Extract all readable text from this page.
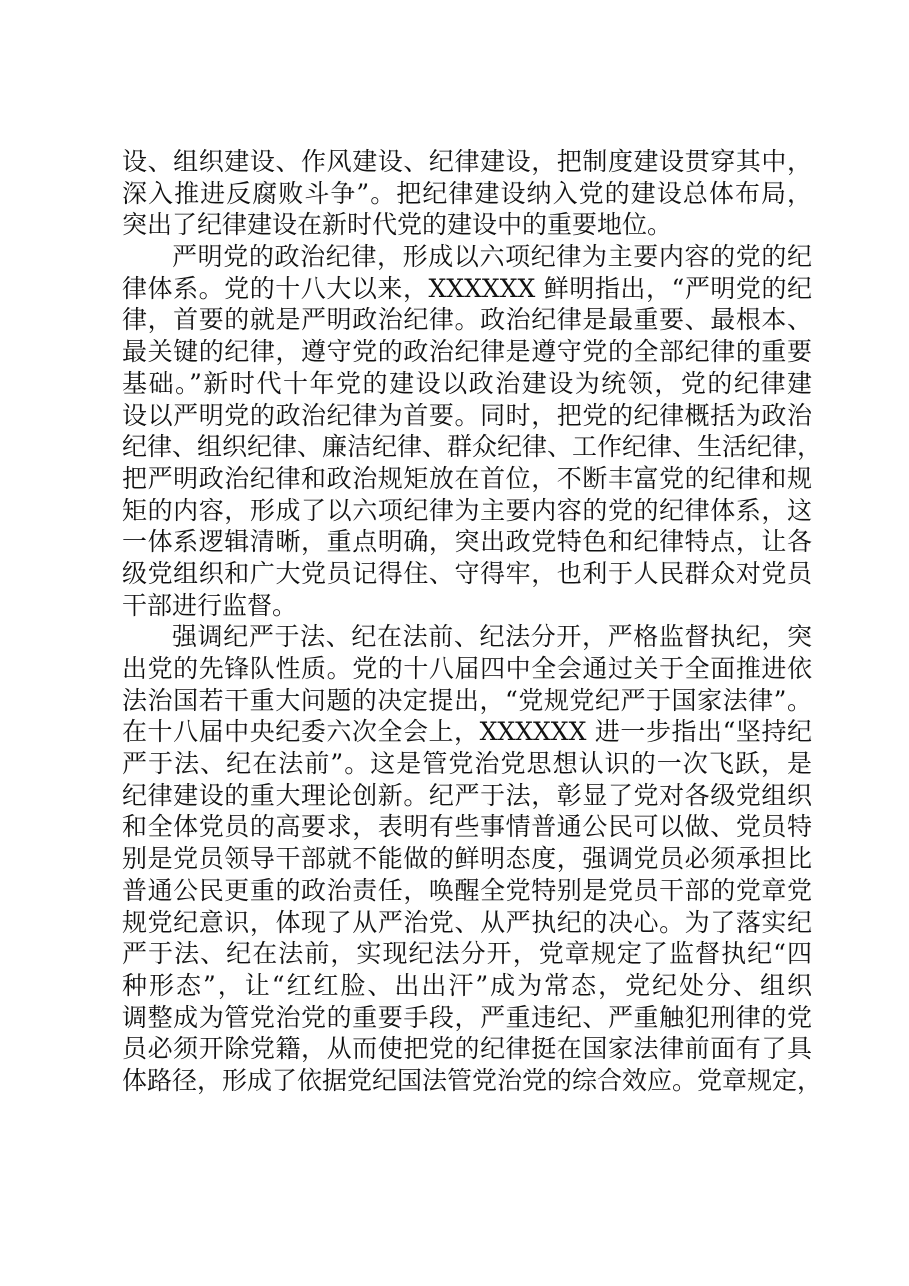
设、组织建设、作风建设、纪律建设，把制度建设贯穿其中，
深入推进反腐败斗争”。把纪律建设纳入党的建设总体布局，
突出了纪律建设在新时代党的建设中的重要地位。
严明党的政治纪律，形成以六项纪律为主要内容的党的纪
律体系。党的十八大以来，XXXXXX 鲜明指出，“严明党的纪
律，首要的就是严明政治纪律。政治纪律是最重要、最根本、
最关键的纪律，遵守党的政治纪律是遵守党的全部纪律的重要
基础。”新时代十年党的建设以政治建设为统领，党的纪律建
设以严明党的政治纪律为首要。同时，把党的纪律概括为政治
纪律、组织纪律、廉洁纪律、群众纪律、工作纪律、生活纪律，
把严明政治纪律和政治规矩放在首位，不断丰富党的纪律和规
矩的内容，形成了以六项纪律为主要内容的党的纪律体系，这
一体系逻辑清晰，重点明确，突出政党特色和纪律特点，让各
级党组织和广大党员记得住、守得牢，也利于人民群众对党员
干部进行监督。
强调纪严于法、纪在法前、纪法分开，严格监督执纪，突
出党的先锋队性质。党的十八届四中全会通过关于全面推进依
法治国若干重大问题的决定提出，“党规党纪严于国家法律”。
在十八届中央纪委六次全会上，XXXXXX 进一步指出“坚持纪
严于法、纪在法前”。这是管党治党思想认识的一次飞跃，是
纪律建设的重大理论创新。纪严于法，彰显了党对各级党组织
和全体党员的高要求，表明有些事情普通公民可以做、党员特
别是党员领导干部就不能做的鲜明态度，强调党员必须承担比
普通公民更重的政治责任，唤醒全党特别是党员干部的党章党
规党纪意识，体现了从严治党、从严执纪的决心。为了落实纪
严于法、纪在法前，实现纪法分开，党章规定了监督执纪“四
种形态”，让“红红脸、出出汗”成为常态，党纪处分、组织
调整成为管党治党的重要手段，严重违纪、严重触犯刑律的党
员必须开除党籍，从而使把党的纪律挺在国家法律前面有了具
体路径，形成了依据党纪国法管党治党的综合效应。党章规定，
